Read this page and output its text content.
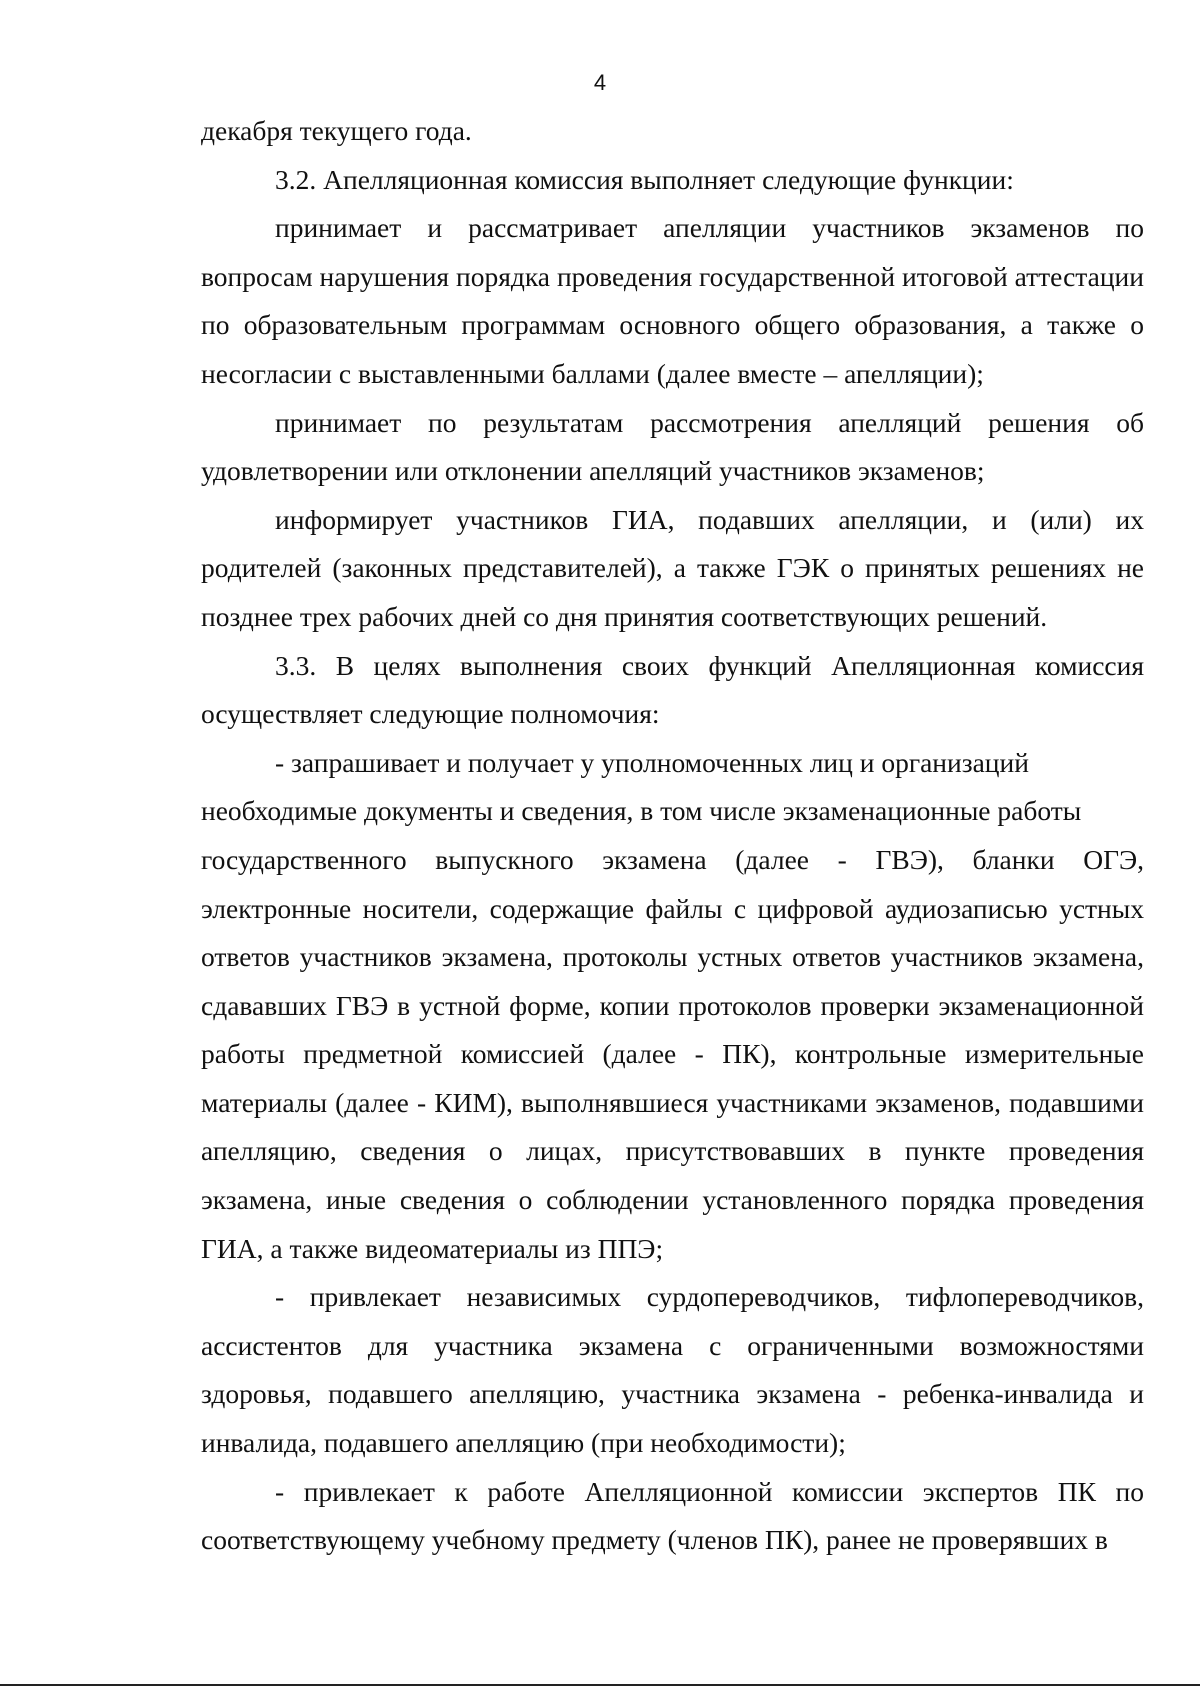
4

декабря текущего года.

3.2. Апелляционная комиссия выполняет следующие функции:

принимает и рассматривает апелляции участников экзаменов по вопросам нарушения порядка проведения государственной итоговой аттестации по образовательным программам основного общего образования, а также о несогласии с выставленными баллами (далее вместе – апелляции);

принимает по результатам рассмотрения апелляций решения об удовлетворении или отклонении апелляций участников экзаменов;

информирует участников ГИА, подавших апелляции, и (или) их родителей (законных представителей), а также ГЭК о принятых решениях не позднее трех рабочих дней со дня принятия соответствующих решений.

3.3. В целях выполнения своих функций Апелляционная комиссия осуществляет следующие полномочия:

- запрашивает и получает у уполномоченных лиц и организаций

необходимые документы и сведения, в том числе экзаменационные работы

государственного выпускного экзамена (далее - ГВЭ), бланки ОГЭ, электронные носители, содержащие файлы с цифровой аудиозаписью устных ответов участников экзамена, протоколы устных ответов участников экзамена, сдававших ГВЭ в устной форме, копии протоколов проверки экзаменационной работы предметной комиссией (далее - ПК), контрольные измерительные материалы (далее - КИМ), выполнявшиеся участниками экзаменов, подавшими апелляцию, сведения о лицах, присутствовавших в пункте проведения экзамена, иные сведения о соблюдении установленного порядка проведения ГИА, а также видеоматериалы из ППЭ;

- привлекает независимых сурдопереводчиков, тифлопереводчиков, ассистентов для участника экзамена с ограниченными возможностями здоровья, подавшего апелляцию, участника экзамена - ребенка-инвалида и инвалида, подавшего апелляцию (при необходимости);

- привлекает к работе Апелляционной комиссии экспертов ПК по соответствующему учебному предмету (членов ПК), ранее не проверявших в
